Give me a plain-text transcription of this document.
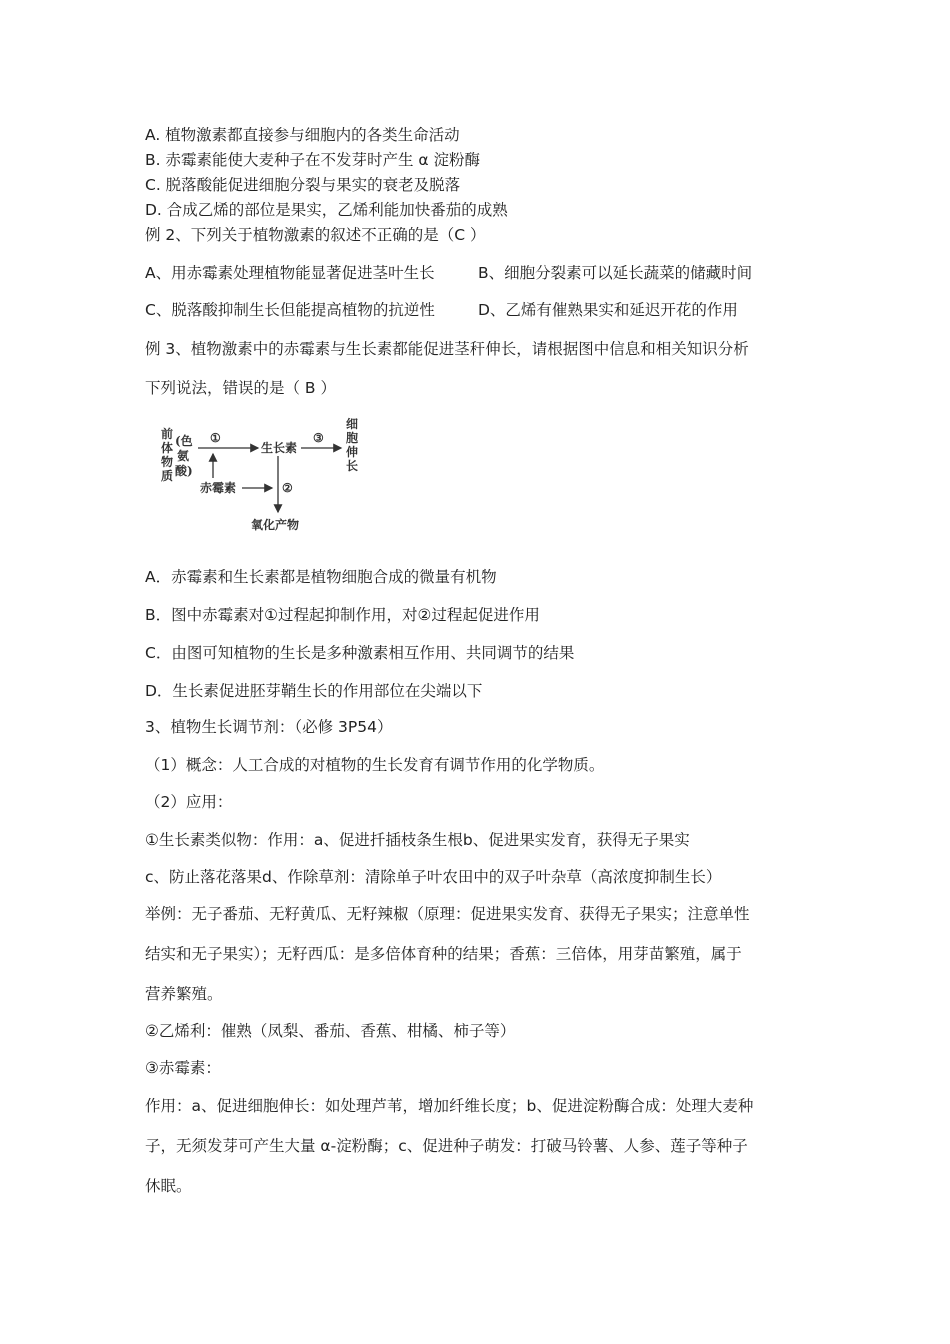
A. 植物激素都直接参与细胞内的各类生命活动
B. 赤霉素能使大麦种子在不发芽时产生 α 淀粉酶
C. 脱落酸能促进细胞分裂与果实的衰老及脱落
D. 合成乙烯的部位是果实，乙烯利能加快番茄的成熟
例 2、下列关于植物激素的叙述不正确的是（C ）
A、用赤霉素处理植物能显著促进茎叶生长	B、细胞分裂素可以延长蔬菜的储藏时间
C、脱落酸抑制生长但能提高植物的抗逆性	D、乙烯有催熟果实和延迟开花的作用
例 3、植物激素中的赤霉素与生长素都能促进茎秆伸长，请根据图中信息和相关知识分析
下列说法，错误的是（ B ）
A．赤霉素和生长素都是植物细胞合成的微量有机物
B．图中赤霉素对①过程起抑制作用，对②过程起促进作用
C．由图可知植物的生长是多种激素相互作用、共同调节的结果
D．生长素促进胚芽鞘生长的作用部位在尖端以下
3、植物生长调节剂：（必修 3P54）
（1）概念：人工合成的对植物的生长发育有调节作用的化学物质。
（2）应用：
①生长素类似物：作用：a、促进扦插枝条生根b、促进果实发育，获得无子果实
c、防止落花落果d、作除草剂：清除单子叶农田中的双子叶杂草（高浓度抑制生长）
举例：无子番茄、无籽黄瓜、无籽辣椒（原理：促进果实发育、获得无子果实；注意单性
结实和无子果实）；无籽西瓜：是多倍体育种的结果；香蕉：三倍体，用芽苗繁殖，属于
营养繁殖。
②乙烯利：催熟（凤梨、番茄、香蕉、柑橘、柿子等）
③赤霉素：
作用：a、促进细胞伸长：如处理芦苇，增加纤维长度；b、促进淀粉酶合成：处理大麦种
子，无须发芽可产生大量 α-淀粉酶；c、促进种子萌发：打破马铃薯、人参、莲子等种子
休眠。
前
体
物
质
(色
氨
酸)
①
生长素
③
细
胞
伸
长
赤霉素	②
氧化产物
